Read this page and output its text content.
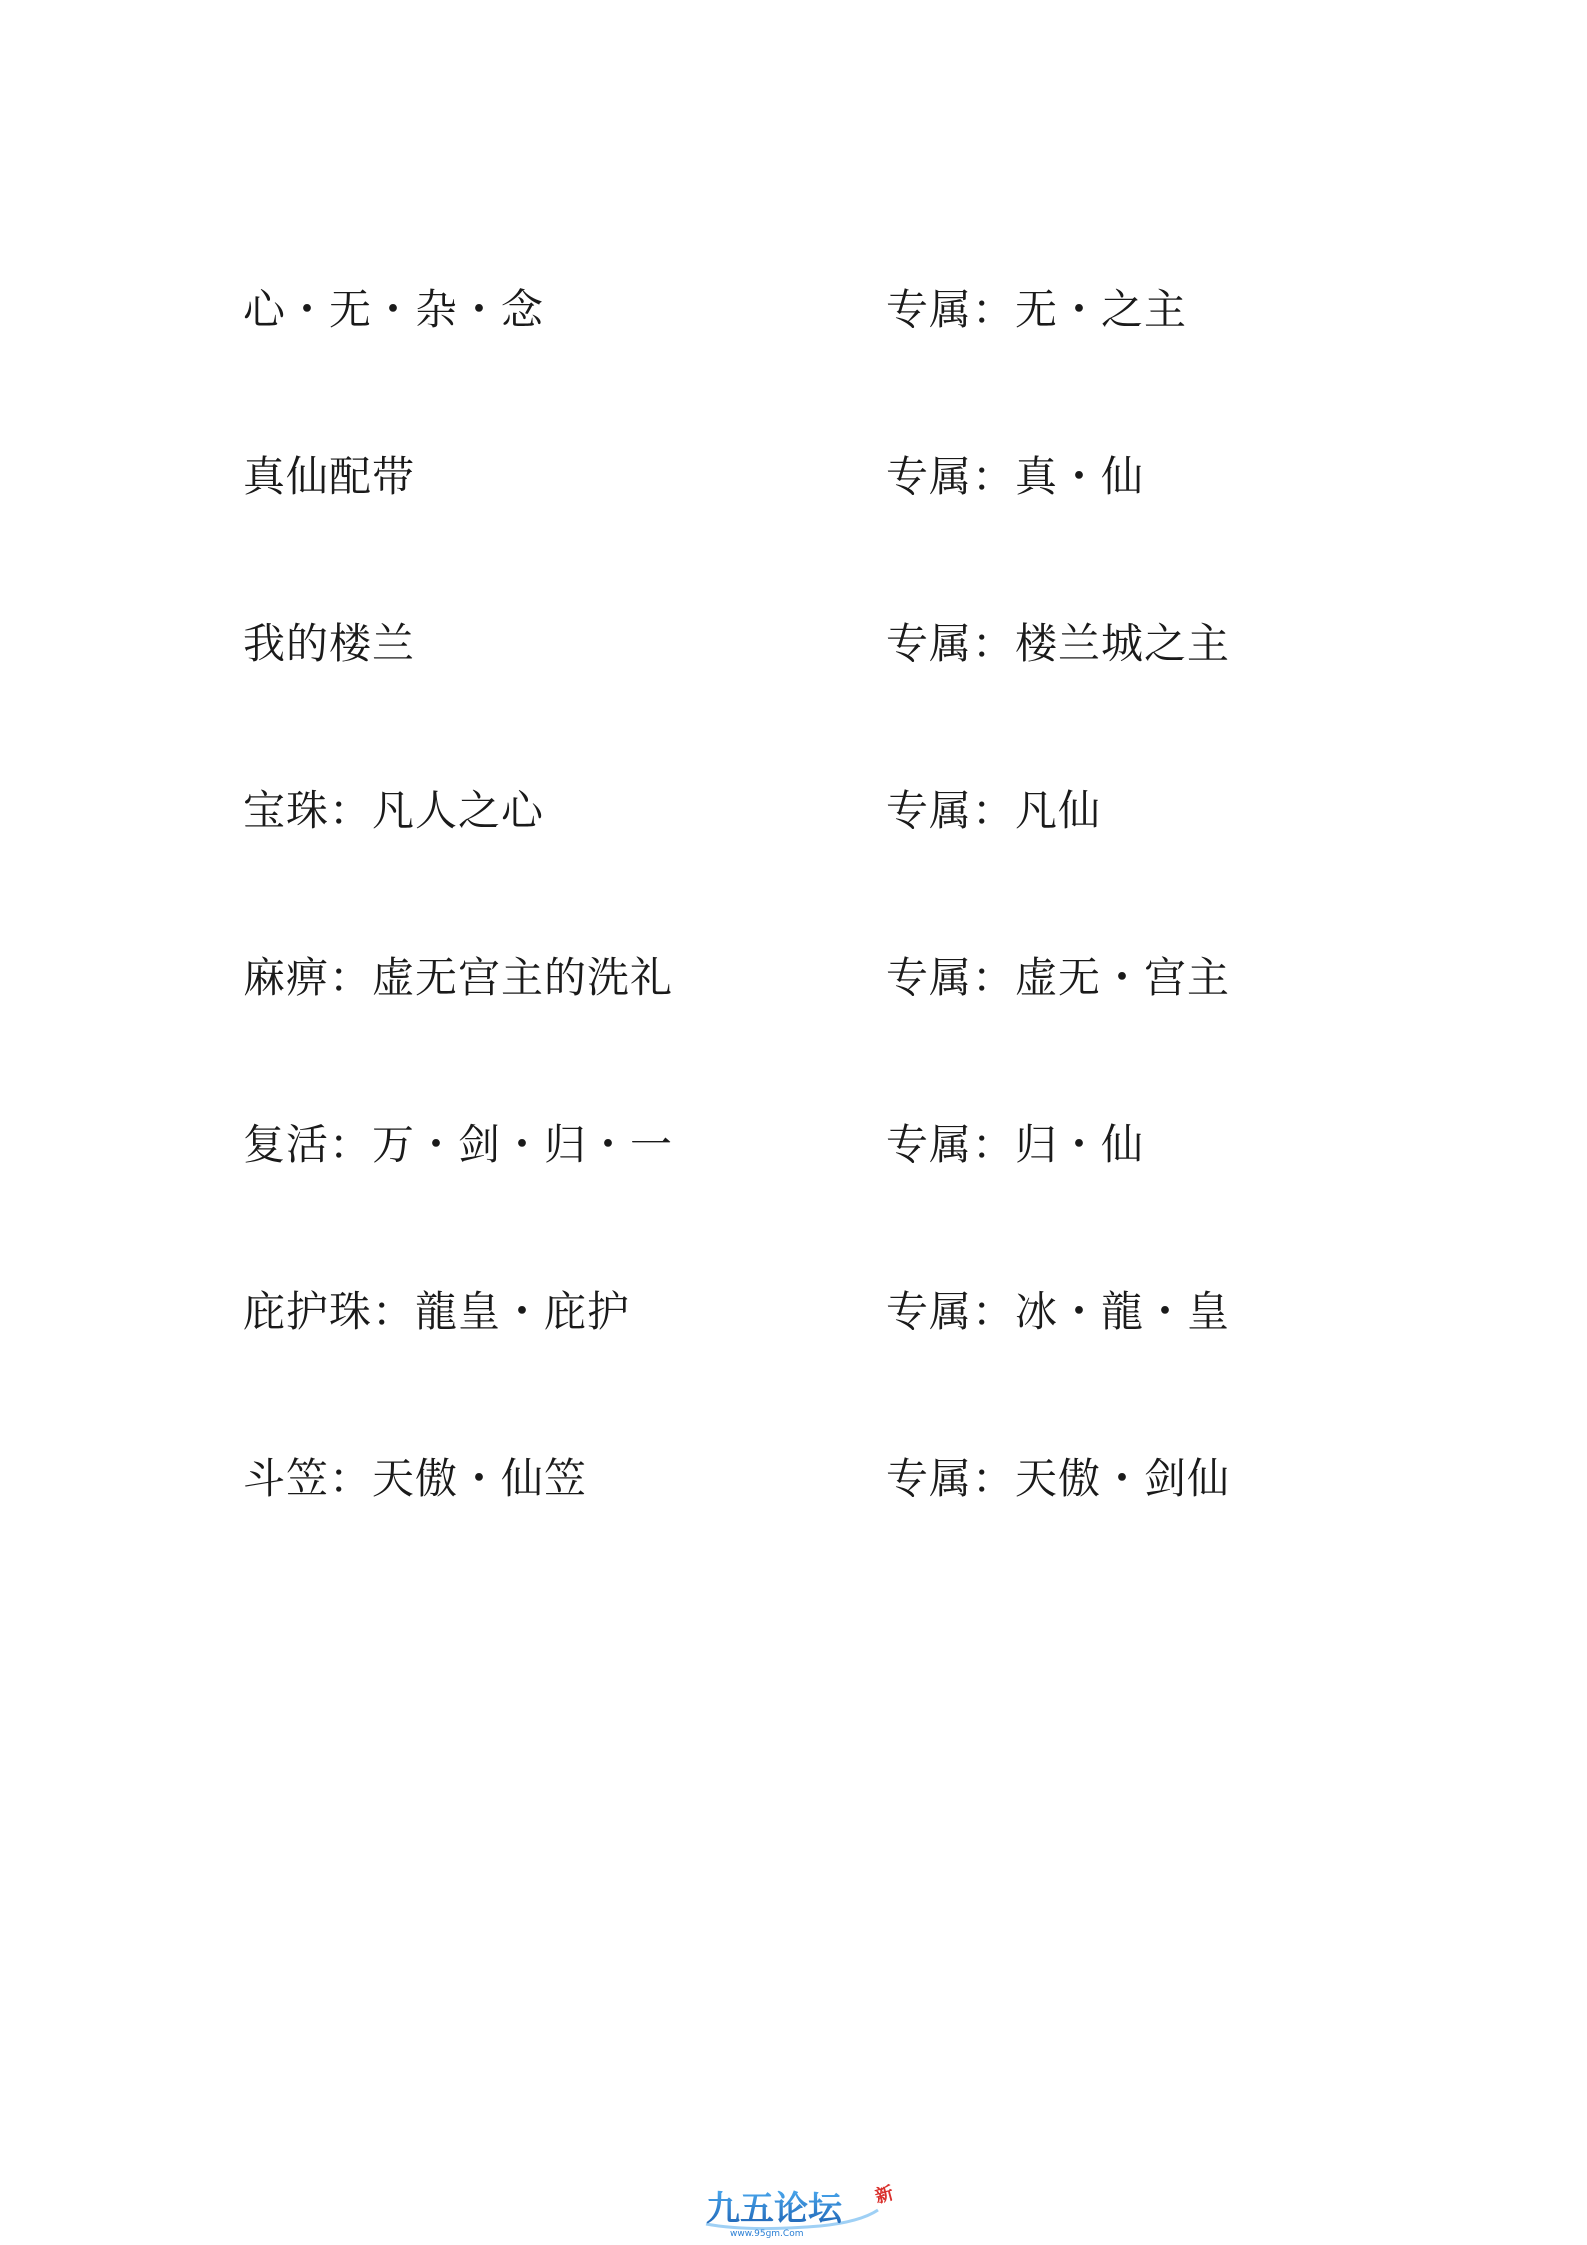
心・无・杂・念	专属：无・之主
真仙配带	专属：真・仙
我的楼兰	专属：楼兰城之主
宝珠：凡人之心	专属：凡仙
麻痹：虚无宫主的洗礼	专属：虚无・宫主
复活：万・剑・归・一	专属：归・仙
庇护珠：龍皇・庇护	专属：冰・龍・皇
斗笠：天傲・仙笠	专属：天傲・剑仙
九五论坛
www.95gm.Com
新
